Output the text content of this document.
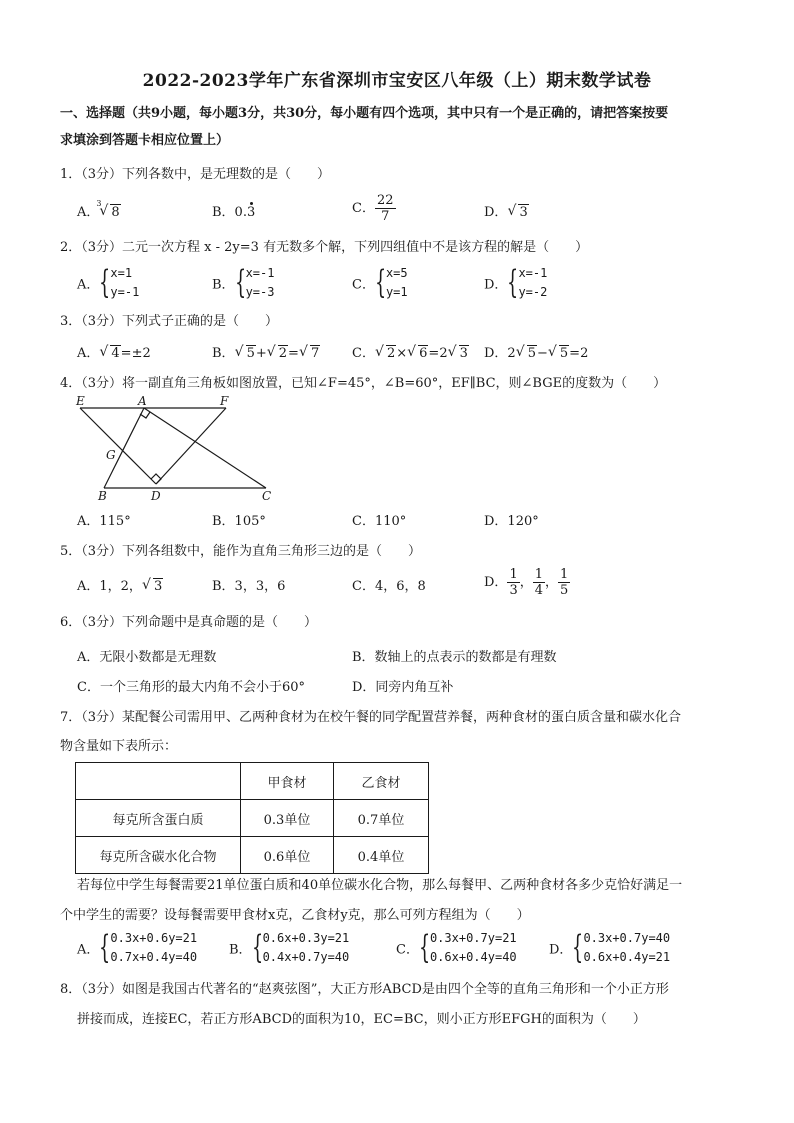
2022-2023学年广东省深圳市宝安区八年级（上）期末数学试卷
一、选择题（共9小题，每小题3分，共30分，每小题有四个选项，其中只有一个是正确的，请把答案按要
求填涂到答题卡相应位置上）
1．（3分）下列各数中，是无理数的是（　　）
A．
3
√ 8	B．0.3	C． $\frac{22}{7}$	D． √ 3
2．（3分）二元一次方程 x - 2y=3 有无数多个解，下列四组值中不是该方程的解是（　　）
A． { x=1
y=-1	B． { x=-1
y=-3	C． { x=5
y=1	D． { x=-1
y=-2
3．（3分）下列式子正确的是（　　）
A． √ 4=±2	B． √ 5+ √ 2= √ 7	C． √ 2× √ 6=2 √ 3 D．2 √ 5− √ 5=2
4．（3分）将一副直角三角板如图放置，已知∠F=45°，∠B=60°，EF∥BC，则∠BGE的度数为（　　）
E	A	F
G
B	D	C
A．115°	B．105°	C．110°	D．120°
5．（3分）下列各组数中，能作为直角三角形三边的是（　　）
A．1，2， √ 3	B．3，3，6	C．4，6，8	D． $\frac{1}{3}$ ， $\frac{1}{4}$ ， $\frac{1}{5}$
6．（3分）下列命题中是真命题的是（　　）
A．无限小数都是无理数	B．数轴上的点表示的数都是有理数
C．一个三角形的最大内角不会小于60°	D．同旁内角互补
7．（3分）某配餐公司需用甲、乙两种食材为在校午餐的同学配置营养餐，两种食材的蛋白质含量和碳水化合
物含量如下表所示：
	甲食材	乙食材
每克所含蛋白质	0.3单位	0.7单位
每克所含碳水化合物	0.6单位	0.4单位
若每位中学生每餐需要21单位蛋白质和40单位碳水化合物，那么每餐甲、乙两种食材各多少克恰好满足一
个中学生的需要？设每餐需要甲食材x克，乙食材y克，那么可列方程组为（　　）
A． { 0.3x+0.6y=21
0.7x+0.4y=40 B． { 0.6x+0.3y=21
0.4x+0.7y=40	C． { 0.3x+0.7y=21
0.6x+0.4y=40 D． { 0.3x+0.7y=40
0.6x+0.4y=21
8．（3分）如图是我国古代著名的“赵爽弦图”，大正方形ABCD是由四个全等的直角三角形和一个小正方形
拼接而成，连接EC，若正方形ABCD的面积为10，EC=BC，则小正方形EFGH的面积为（　　）
